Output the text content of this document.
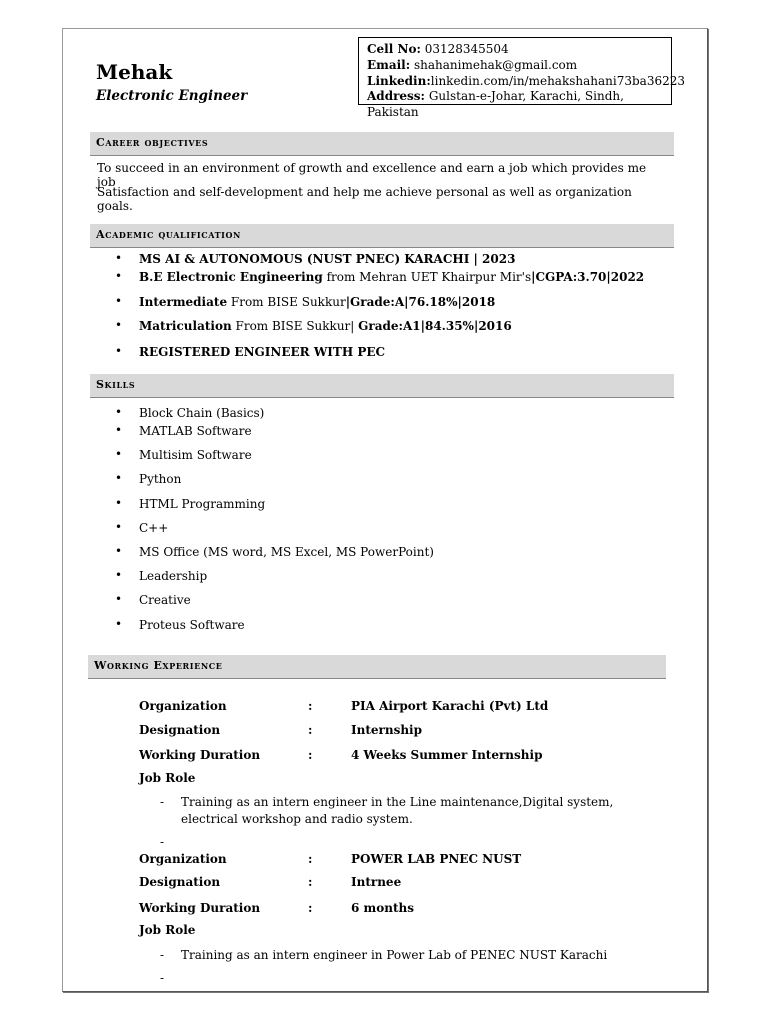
Mehak
Electronic Engineer
Cell No: 03128345504
Email: shahanimehak@gmail.com
Linkedin:linkedin.com/in/mehakshahani73ba36223
Address: Gulstan-e-Johar, Karachi, Sindh, Pakistan
Career objectives
To succeed in an environment of growth and excellence and earn a job which provides me job
Satisfaction and self-development and help me achieve personal as well as organization goals.
Academic qualification
MS AI & AUTONOMOUS (NUST PNEC) KARACHI | 2023
B.E Electronic Engineering from Mehran UET Khairpur Mir's|CGPA:3.70|2022
Intermediate From BISE Sukkur|Grade:A|76.18%|2018
Matriculation From BISE Sukkur| Grade:A1|84.35%|2016
REGISTERED ENGINEER WITH PEC
Skills
Block Chain (Basics)
MATLAB Software
Multisim Software
Python
HTML Programming
C++
MS Office (MS word, MS Excel, MS PowerPoint)
Leadership
Creative
Proteus Software
Working Experience
Organization	:	PIA Airport Karachi (Pvt) Ltd
Designation	:	Internship
Working Duration	:	4 Weeks Summer Internship
Job Role
- Training as an intern engineer in the Line maintenance,Digital system, electrical workshop and radio system.
-
Organization	:	POWER LAB PNEC NUST
Designation	:	Intrnee
Working Duration	:	6 months
Job Role
- Training as an intern engineer in Power Lab of PENEC NUST Karachi
-
